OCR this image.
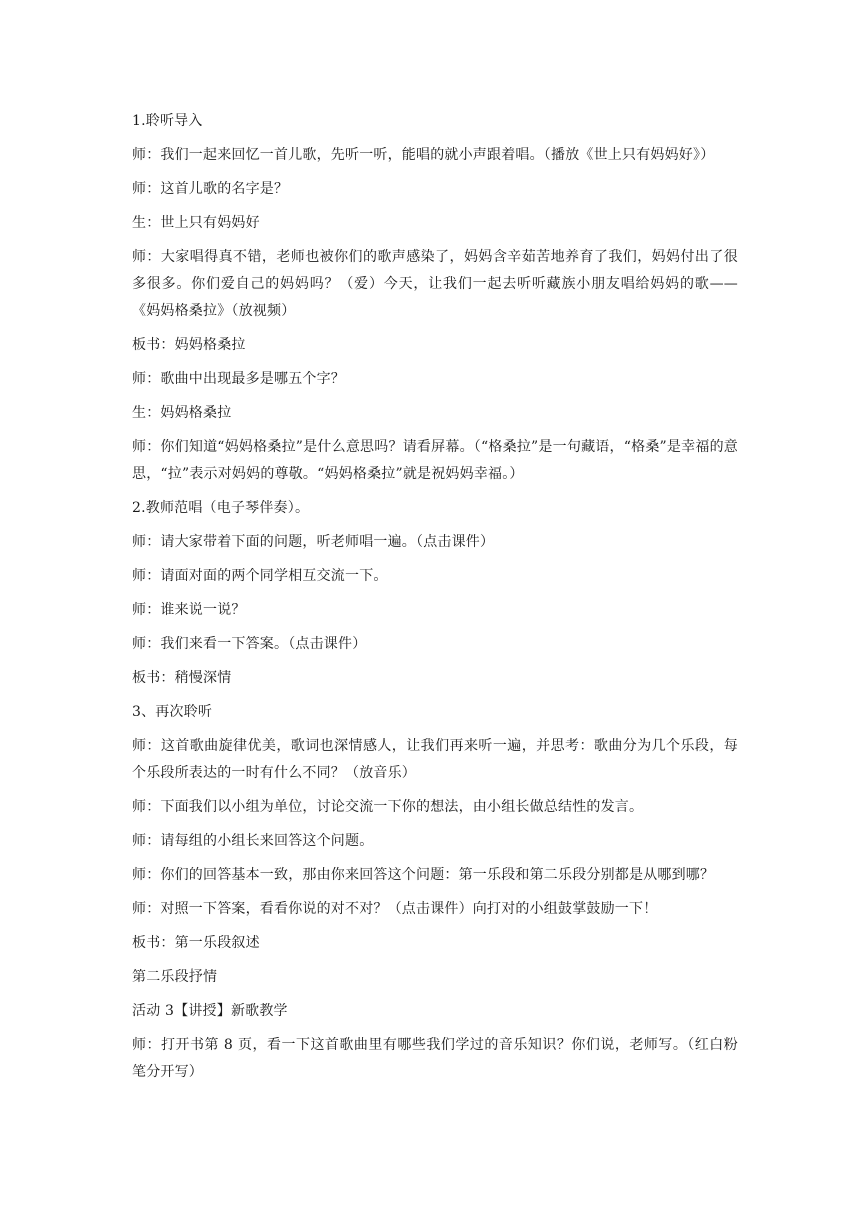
1.聆听导入

师：我们一起来回忆一首儿歌，先听一听，能唱的就小声跟着唱。（播放《世上只有妈妈好》）

师：这首儿歌的名字是？

生：世上只有妈妈好

师：大家唱得真不错，老师也被你们的歌声感染了，妈妈含辛茹苦地养育了我们，妈妈付出了很多很多。你们爱自己的妈妈吗？（爱）今天，让我们一起去听听藏族小朋友唱给妈妈的歌——《妈妈格桑拉》（放视频）

板书：妈妈格桑拉

师：歌曲中出现最多是哪五个字？

生：妈妈格桑拉

师：你们知道“妈妈格桑拉”是什么意思吗？请看屏幕。（“格桑拉”是一句藏语，“格桑”是幸福的意思，“拉”表示对妈妈的尊敬。“妈妈格桑拉”就是祝妈妈幸福。）

2.教师范唱（电子琴伴奏）。

师：请大家带着下面的问题，听老师唱一遍。（点击课件）

师：请面对面的两个同学相互交流一下。

师：谁来说一说？

师：我们来看一下答案。（点击课件）

板书：稍慢深情

3、再次聆听

师：这首歌曲旋律优美，歌词也深情感人，让我们再来听一遍，并思考：歌曲分为几个乐段，每个乐段所表达的一时有什么不同？（放音乐）

师：下面我们以小组为单位，讨论交流一下你的想法，由小组长做总结性的发言。

师：请每组的小组长来回答这个问题。

师：你们的回答基本一致，那由你来回答这个问题：第一乐段和第二乐段分别都是从哪到哪？

师：对照一下答案，看看你说的对不对？（点击课件）向打对的小组鼓掌鼓励一下！

板书：第一乐段叙述

第二乐段抒情

活动 3【讲授】新歌教学

师：打开书第 8 页，看一下这首歌曲里有哪些我们学过的音乐知识？你们说，老师写。（红白粉笔分开写）
